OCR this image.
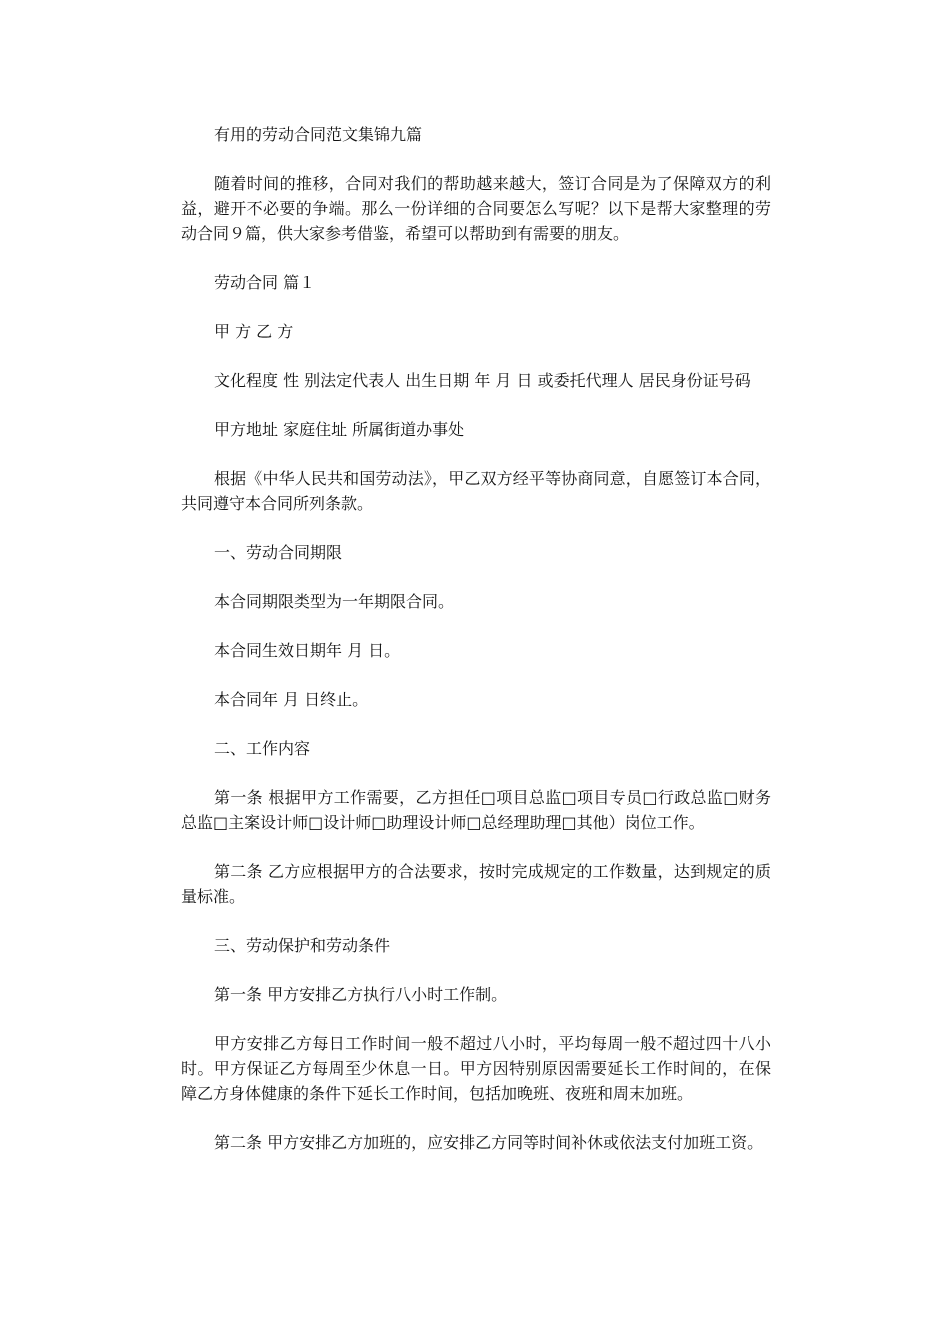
有用的劳动合同范文集锦九篇

随着时间的推移，合同对我们的帮助越来越大，签订合同是为了保障双方的利益，避开不必要的争端。那么一份详细的合同要怎么写呢？以下是帮大家整理的劳动合同９篇，供大家参考借鉴，希望可以帮助到有需要的朋友。

劳动合同 篇１

甲 方 乙 方

文化程度 性 别法定代表人 出生日期 年 月 日 或委托代理人 居民身份证号码

甲方地址 家庭住址 所属街道办事处

根据《中华人民共和国劳动法》，甲乙双方经平等协商同意，自愿签订本合同，共同遵守本合同所列条款。

一、劳动合同期限

本合同期限类型为一年期限合同。

本合同生效日期年 月 日。

本合同年 月 日终止。

二、工作内容

第一条 根据甲方工作需要，乙方担任□项目总监□项目专员□行政总监□财务总监□主案设计师□设计师□助理设计师□总经理助理□其他）岗位工作。

第二条 乙方应根据甲方的合法要求，按时完成规定的工作数量，达到规定的质量标准。

三、劳动保护和劳动条件

第一条 甲方安排乙方执行八小时工作制。

甲方安排乙方每日工作时间一般不超过八小时，平均每周一般不超过四十八小时。甲方保证乙方每周至少休息一日。甲方因特别原因需要延长工作时间的，在保障乙方身体健康的条件下延长工作时间，包括加晚班、夜班和周末加班。

第二条 甲方安排乙方加班的，应安排乙方同等时间补休或依法支付加班工资。
